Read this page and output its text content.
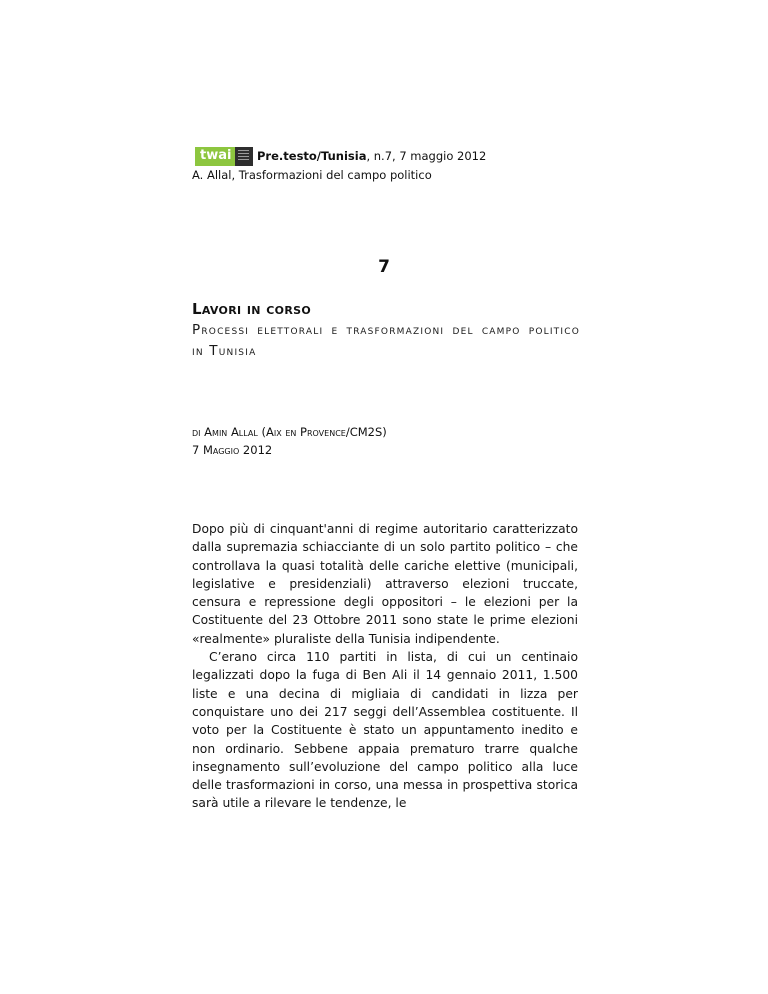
twai Pre.testo/Tunisia, n.7, 7 maggio 2012
A. Allal, Trasformazioni del campo politico
7
Lavori in corso
Processi elettorali e trasformazioni del campo politico in Tunisia
di Amin Allal (Aix en Provence/CM2S)
7 Maggio 2012

Dopo più di cinquant'anni di regime autoritario caratterizzato dalla supremazia schiacciante di un solo partito politico – che controllava la quasi totalità delle cariche elettive (municipali, legislative e presidenziali) attraverso elezioni truccate, censura e repressione degli oppositori – le elezioni per la Costituente del 23 Ottobre 2011 sono state le prime elezioni «realmente» pluraliste della Tunisia indipendente.

C’erano circa 110 partiti in lista, di cui un centinaio legalizzati dopo la fuga di Ben Ali il 14 gennaio 2011, 1.500 liste e una decina di migliaia di candidati in lizza per conquistare uno dei 217 seggi dell’Assemblea costituente. Il voto per la Costituente è stato un appuntamento inedito e non ordinario. Sebbene appaia prematuro trarre qualche insegnamento sull’evoluzione del campo politico alla luce delle trasformazioni in corso, una messa in prospettiva storica sarà utile a rilevare le tendenze, le
